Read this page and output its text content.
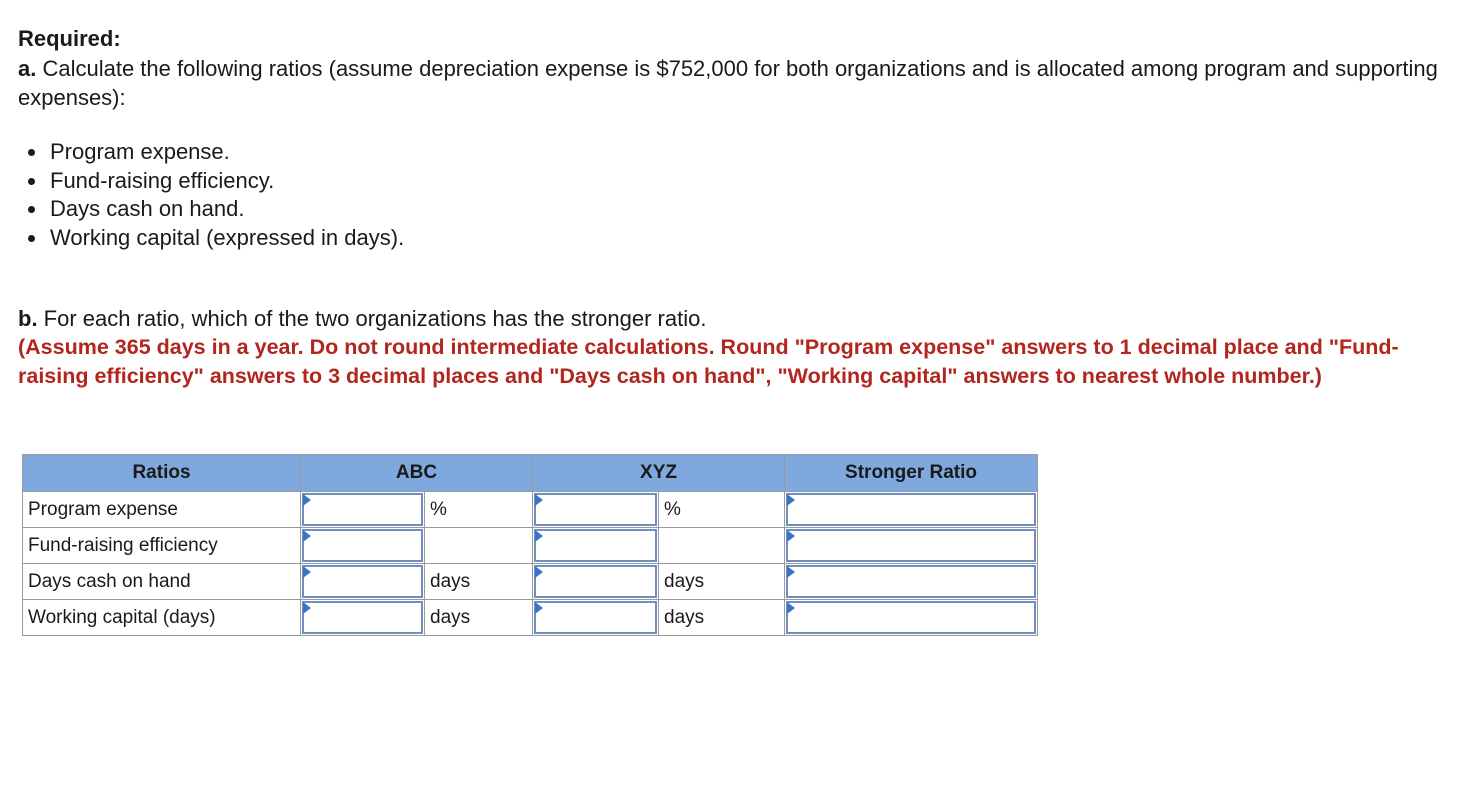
Required:

a. Calculate the following ratios (assume depreciation expense is $752,000 for both organizations and is allocated among program and supporting expenses):

Program expense.
Fund-raising efficiency.
Days cash on hand.
Working capital (expressed in days).

b. For each ratio, which of the two organizations has the stronger ratio.

(Assume 365 days in a year. Do not round intermediate calculations. Round "Program expense" answers to 1 decimal place and "Fund-raising efficiency" answers to 3 decimal places and "Days cash on hand", "Working capital" answers to nearest whole number.)

Ratios	ABC		XYZ		Stronger Ratio
Program expense		%		%	

Fund-raising efficiency	

Days cash on hand		days		days	

Working capital (days)		days		days	
